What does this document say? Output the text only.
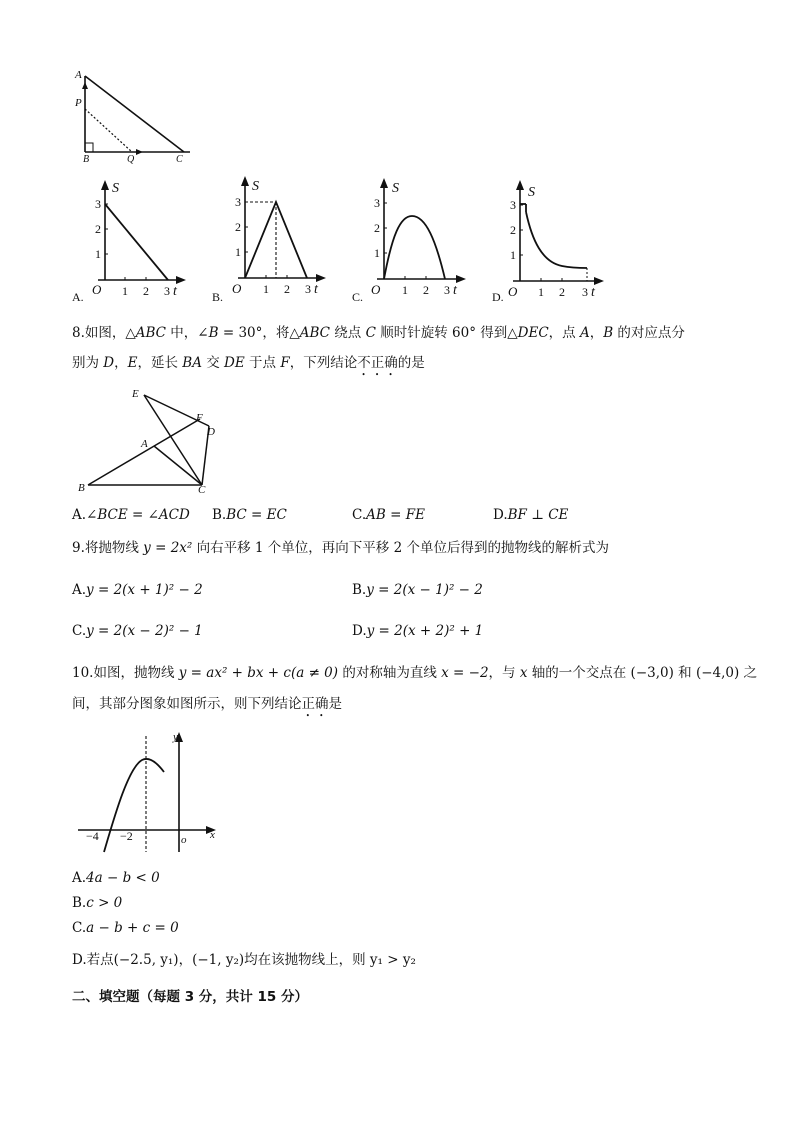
A
P
B	Q	C
S
3
2
1
O 1 2 3 t
A.
S
3
2
1
O 1 2 3 t
B.
S
3
2
1
O 1 2 3 t
C.
S
3
2
1
O 1 2 3 t
D.
8.如图，△ABC 中，∠B = 30°，将△ABC 绕点 C 顺时针旋转 60° 得到△DEC，点 A，B 的对应点分
别为 D，E，延长 BA 交 DE 于点 F，下列结论不正确的是
E
F
D
A
B	C
A.∠BCE = ∠ACD B.BC = EC	C.AB = FE	D.BF ⊥ CE
9.将抛物线 y = 2x² 向右平移 1 个单位，再向下平移 2 个单位后得到的抛物线的解析式为
A.y = 2(x + 1)² − 2	B.y = 2(x − 1)² − 2
C.y = 2(x − 2)² − 1	D.y = 2(x + 2)² + 1
10.如图，抛物线 y = ax² + bx + c(a ≠ 0) 的对称轴为直线 x = −2，与 x 轴的一个交点在 (−3,0) 和 (−4,0) 之
间，其部分图象如图所示，则下列结论正确是
y
x
o
−4 −2
A.4a − b < 0
B.c > 0
C.a − b + c = 0
D.若点(−2.5, y₁)，(−1, y₂)均在该抛物线上，则 y₁ > y₂
二、填空题（每题 3 分，共计 15 分）
